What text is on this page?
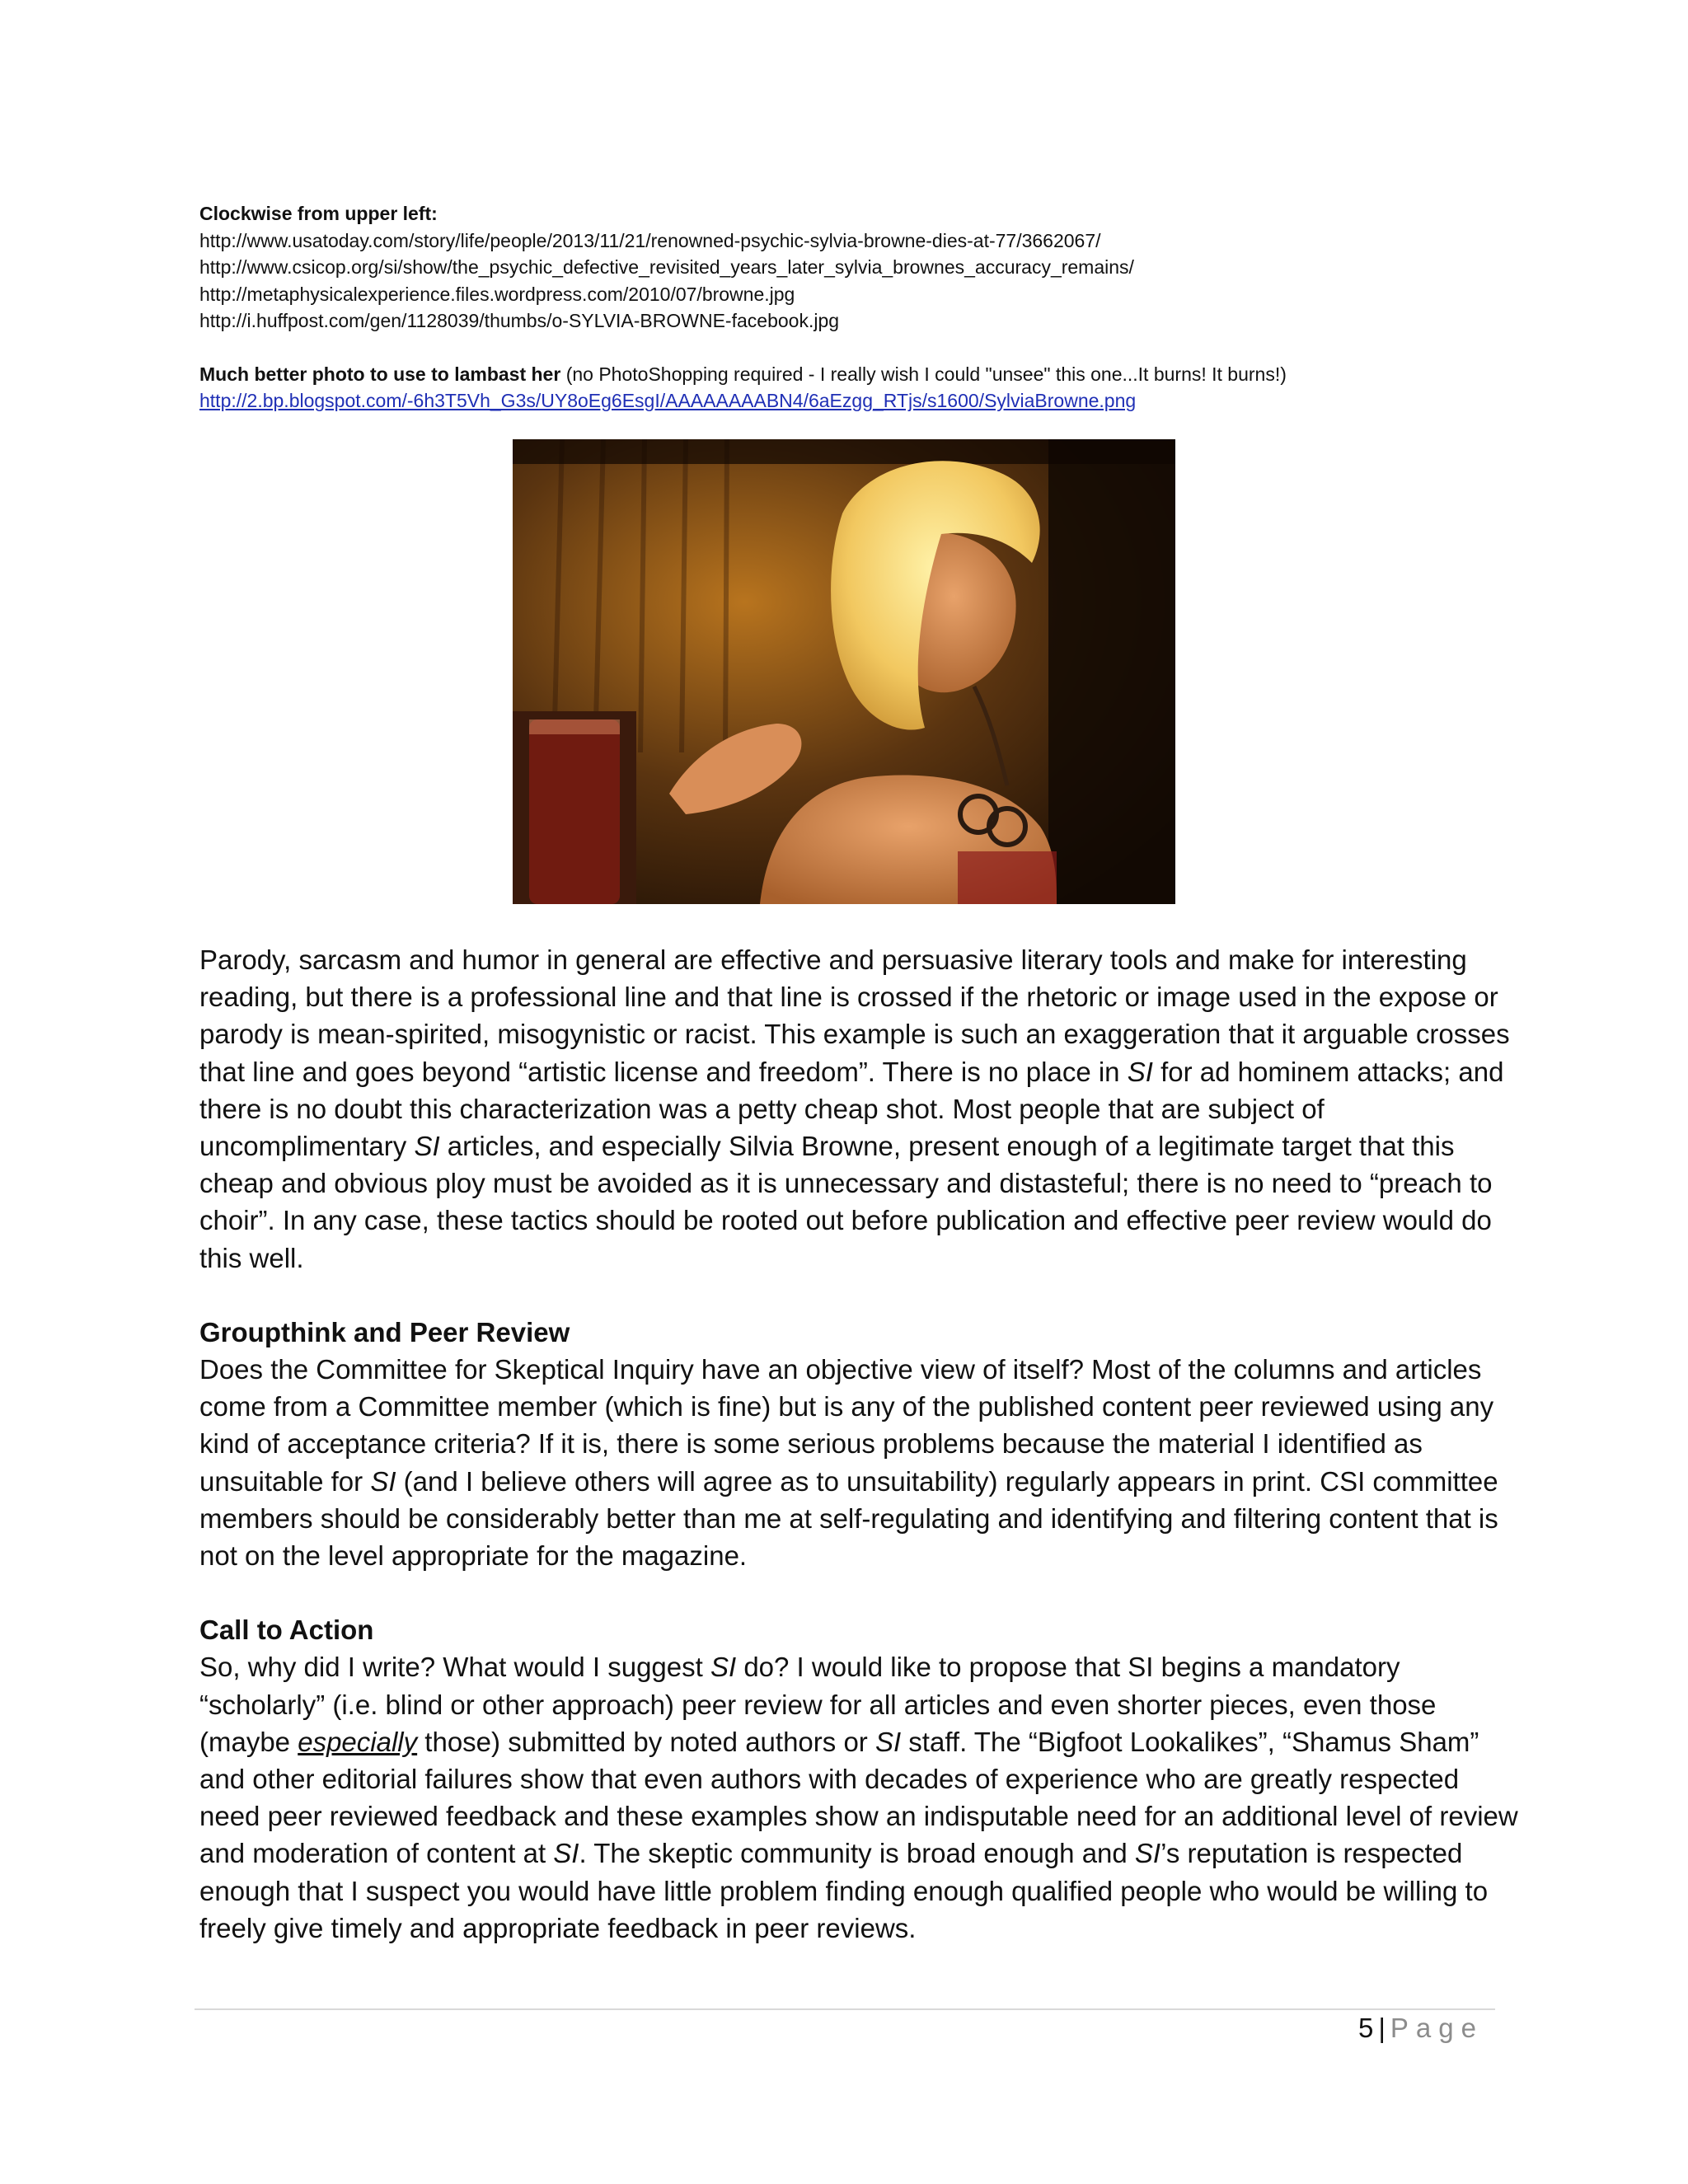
Clockwise from upper left:
http://www.usatoday.com/story/life/people/2013/11/21/renowned-psychic-sylvia-browne-dies-at-77/3662067/
http://www.csicop.org/si/show/the_psychic_defective_revisited_years_later_sylvia_brownes_accuracy_remains/
http://metaphysicalexperience.files.wordpress.com/2010/07/browne.jpg
http://i.huffpost.com/gen/1128039/thumbs/o-SYLVIA-BROWNE-facebook.jpg
Much better photo to use to lambast her (no PhotoShopping required - I really wish I could "unsee" this one...It burns! It burns!)
http://2.bp.blogspot.com/-6h3T5Vh_G3s/UY8oEg6EsgI/AAAAAAAABN4/6aEzgg_RTjs/s1600/SylviaBrowne.png

Parody, sarcasm and humor in general are effective and persuasive literary tools and make for interesting reading, but there is a professional line and that line is crossed if the rhetoric or image used in the expose or parody is mean-spirited, misogynistic or racist. This example is such an exaggeration that it arguable crosses that line and goes beyond “artistic license and freedom”. There is no place in SI for ad hominem attacks; and there is no doubt this characterization was a petty cheap shot. Most people that are subject of uncomplimentary SI articles, and especially Silvia Browne, present enough of a legitimate target that this cheap and obvious ploy must be avoided as it is unnecessary and distasteful; there is no need to “preach to choir”. In any case, these tactics should be rooted out before publication and effective peer review would do this well.

Groupthink and Peer Review

Does the Committee for Skeptical Inquiry have an objective view of itself? Most of the columns and articles come from a Committee member (which is fine) but is any of the published content peer reviewed using any kind of acceptance criteria? If it is, there is some serious problems because the material I identified as unsuitable for SI (and I believe others will agree as to unsuitability) regularly appears in print. CSI committee members should be considerably better than me at self-regulating and identifying and filtering content that is not on the level appropriate for the magazine.

Call to Action

So, why did I write? What would I suggest SI do? I would like to propose that SI begins a mandatory “scholarly” (i.e. blind or other approach) peer review for all articles and even shorter pieces, even those (maybe especially those) submitted by noted authors or SI staff. The “Bigfoot Lookalikes”, “Shamus Sham” and other editorial failures show that even authors with decades of experience who are greatly respected need peer reviewed feedback and these examples show an indisputable need for an additional level of review and moderation of content at SI. The skeptic community is broad enough and SI’s reputation is respected enough that I suspect you would have little problem finding enough qualified people who would be willing to freely give timely and appropriate feedback in peer reviews.

5 | Page
